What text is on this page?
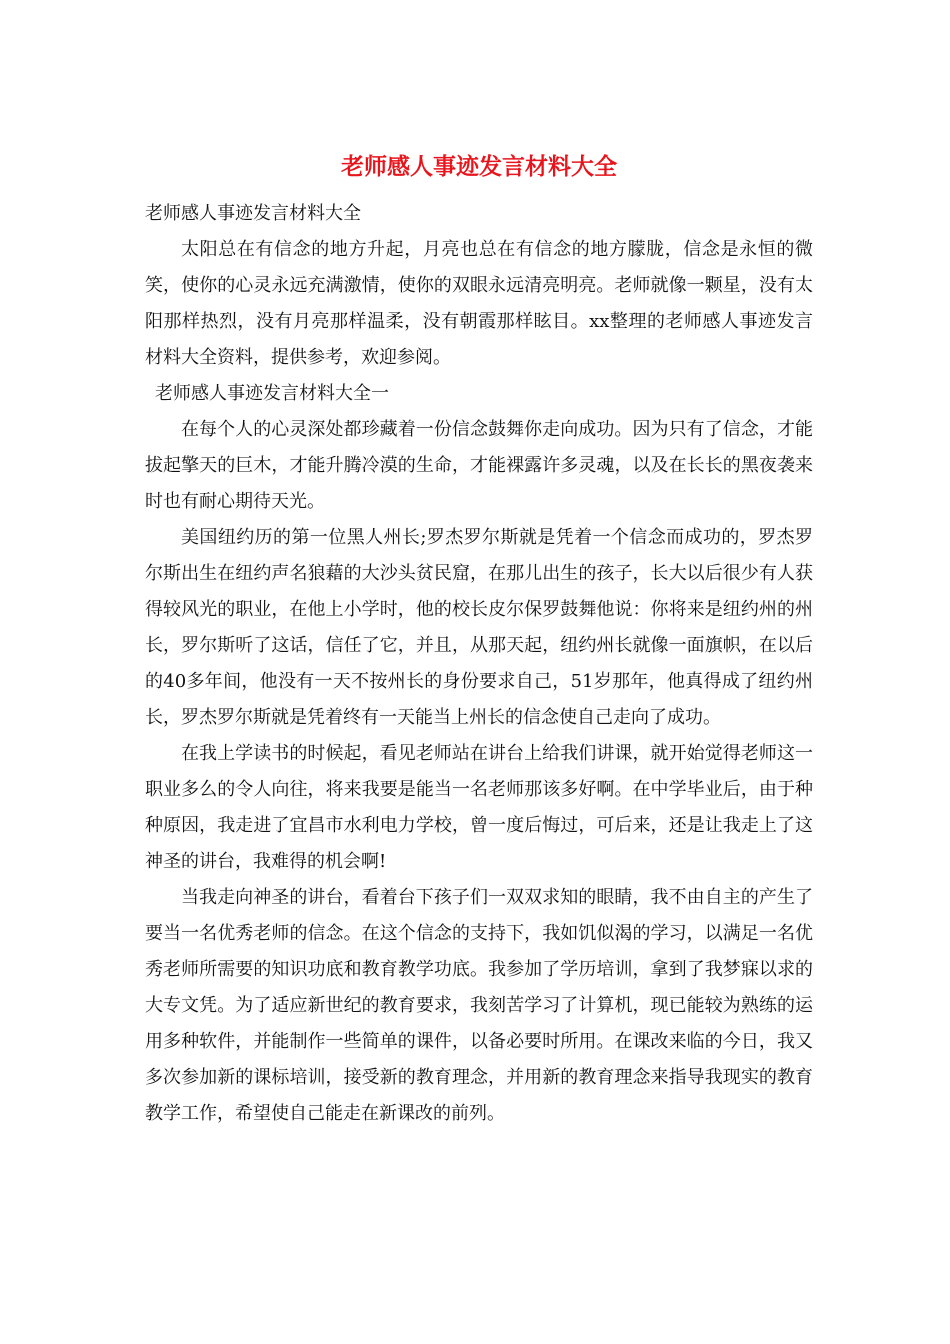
老师感人事迹发言材料大全

老师感人事迹发言材料大全

太阳总在有信念的地方升起，月亮也总在有信念的地方朦胧，信念是永恒的微笑，使你的心灵永远充满激情，使你的双眼永远清亮明亮。老师就像一颗星，没有太阳那样热烈，没有月亮那样温柔，没有朝霞那样眩目。xx整理的老师感人事迹发言材料大全资料，提供参考，欢迎参阅。

老师感人事迹发言材料大全一

在每个人的心灵深处都珍藏着一份信念鼓舞你走向成功。因为只有了信念，才能拔起擎天的巨木，才能升腾冷漠的生命，才能裸露许多灵魂，以及在长长的黑夜袭来时也有耐心期待天光。

美国纽约历的第一位黑人州长;罗杰罗尔斯就是凭着一个信念而成功的，罗杰罗尔斯出生在纽约声名狼藉的大沙头贫民窟，在那儿出生的孩子，长大以后很少有人获得较风光的职业，在他上小学时，他的校长皮尔保罗鼓舞他说：你将来是纽约州的州长，罗尔斯听了这话，信任了它，并且，从那天起，纽约州长就像一面旗帜，在以后的40多年间，他没有一天不按州长的身份要求自己，51岁那年，他真得成了纽约州长，罗杰罗尔斯就是凭着终有一天能当上州长的信念使自己走向了成功。

在我上学读书的时候起，看见老师站在讲台上给我们讲课，就开始觉得老师这一职业多么的令人向往，将来我要是能当一名老师那该多好啊。在中学毕业后，由于种种原因，我走进了宜昌市水利电力学校，曾一度后悔过，可后来，还是让我走上了这神圣的讲台，我难得的机会啊!

当我走向神圣的讲台，看着台下孩子们一双双求知的眼睛，我不由自主的产生了要当一名优秀老师的信念。在这个信念的支持下，我如饥似渴的学习，以满足一名优秀老师所需要的知识功底和教育教学功底。我参加了学历培训，拿到了我梦寐以求的大专文凭。为了适应新世纪的教育要求，我刻苦学习了计算机，现已能较为熟练的运用多种软件，并能制作一些简单的课件，以备必要时所用。在课改来临的今日，我又多次参加新的课标培训，接受新的教育理念，并用新的教育理念来指导我现实的教育教学工作，希望使自己能走在新课改的前列。
